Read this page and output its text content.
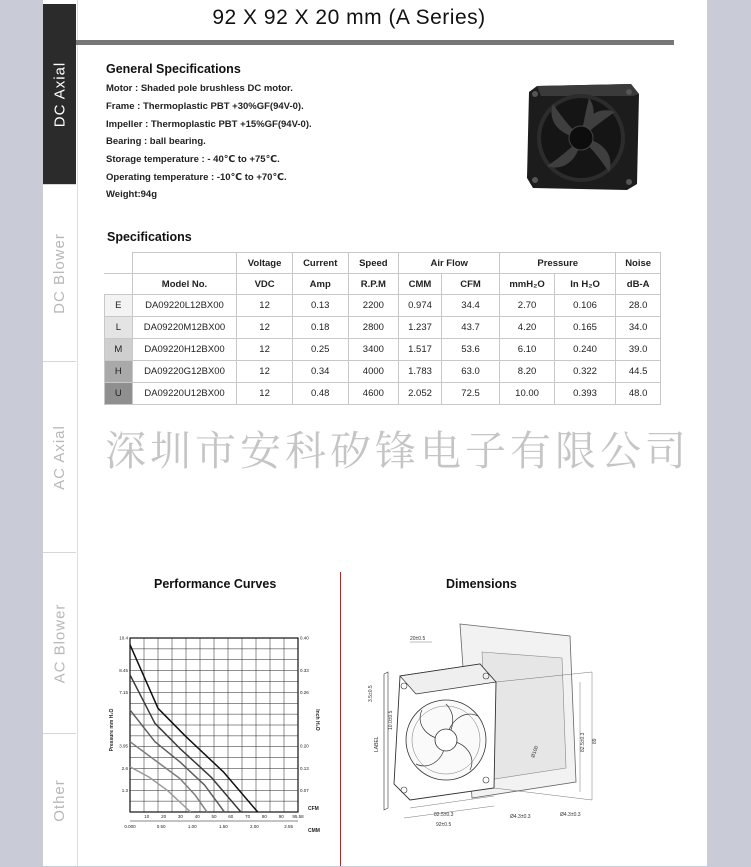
DC Axial
DC Blower
AC Axial
AC Blower
Other
92 X 92 X 20 mm (A Series)
General Specifications
Motor : Shaded pole brushless DC motor.
Frame : Thermoplastic PBT +30%GF(94V-0).
Impeller : Thermoplastic PBT +15%GF(94V-0).
Bearing : ball bearing.
Storage temperature : - 40℃ to +75℃.
Operating temperature : -10℃ to +70℃.
Weight:94g
Specifications
		Voltage	Current	Speed	Air Flow		Pressure		Noise
	Model No.	VDC	Amp	R.P.M	CMM	CFM	mmH₂O	In H₂O	dB-A
E	DA09220L12BX00	12	0.13	2200	0.974	34.4	2.70	0.106	28.0
L	DA09220M12BX00	12	0.18	2800	1.237	43.7	4.20	0.165	34.0
M	DA09220H12BX00	12	0.25	3400	1.517	53.6	6.10	0.240	39.0
H	DA09220G12BX00	12	0.34	4000	1.783	63.0	8.20	0.322	44.5
U	DA09220U12BX00	12	0.48	4600	2.052	72.5	10.00	0.393	48.0
深圳市安科矽锋电子有限公司
Performance Curves	Dimensions
10.4
8.45
7.15
3.95
2.6
1.3
0.40
0.33
0.26
0.20
0.13
0.07
10	20	30	40	50	60	70	80	90 95.58
0.000	0.50	1.00	1.50	2.00	2.55
Pressure mm H₂O	Inch H₂O
CFM
CMM
20±0.5
3.5±0.5
82.5±0.3
92±0.5
82.5±0.3 89
Ø100
Ø4.3±0.3	Ø4.3±0.3
10.0±0.5
LABEL
